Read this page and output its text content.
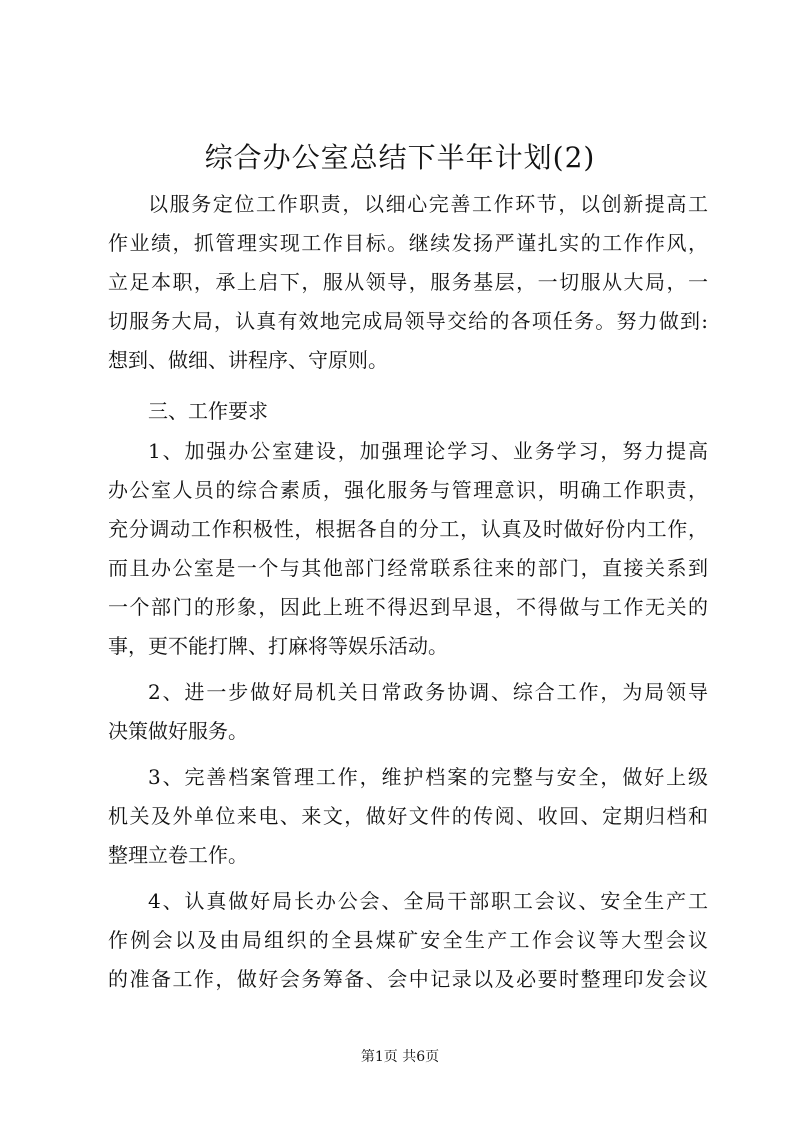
综合办公室总结下半年计划(2)
以服务定位工作职责，以细心完善工作环节，以创新提高工
作业绩，抓管理实现工作目标。继续发扬严谨扎实的工作作风，
立足本职，承上启下，服从领导，服务基层，一切服从大局，一
切服务大局，认真有效地完成局领导交给的各项任务。努力做到:
想到、做细、讲程序、守原则。
三、工作要求
1、加强办公室建设，加强理论学习、业务学习，努力提高
办公室人员的综合素质，强化服务与管理意识，明确工作职责，
充分调动工作积极性，根据各自的分工，认真及时做好份内工作，
而且办公室是一个与其他部门经常联系往来的部门，直接关系到
一个部门的形象，因此上班不得迟到早退，不得做与工作无关的
事，更不能打牌、打麻将等娱乐活动。
2、进一步做好局机关日常政务协调、综合工作，为局领导
决策做好服务。
3、完善档案管理工作，维护档案的完整与安全，做好上级
机关及外单位来电、来文，做好文件的传阅、收回、定期归档和
整理立卷工作。
4、认真做好局长办公会、全局干部职工会议、安全生产工
作例会以及由局组织的全县煤矿安全生产工作会议等大型会议
的准备工作，做好会务筹备、会中记录以及必要时整理印发会议
第1页 共6页
